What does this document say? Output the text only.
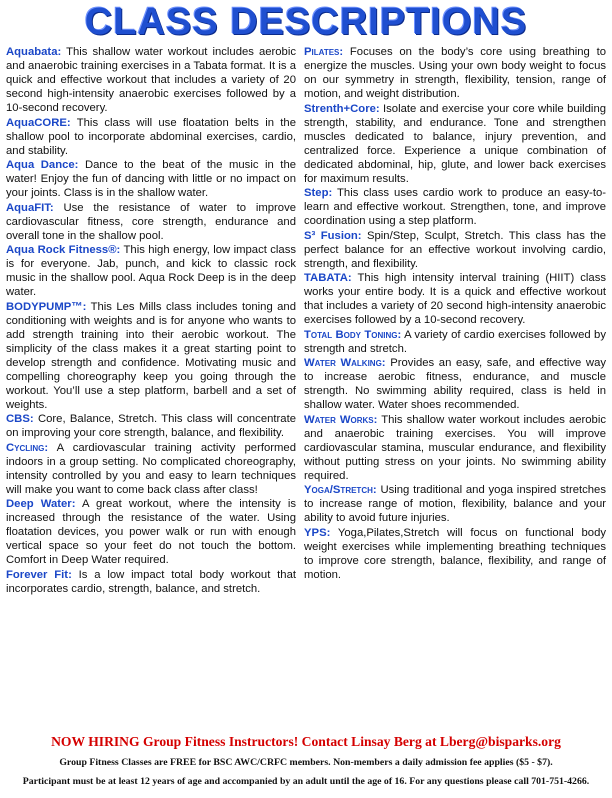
CLASS DESCRIPTIONS
Aquabata: This shallow water workout includes aerobic and anaerobic training exercises in a Tabata format. It is a quick and effective workout that includes a variety of 20 second high-intensity anaerobic exercises followed by a 10-second recovery.
AquaCORE: This class will use floatation belts in the shallow pool to incorporate abdominal exercises, cardio, and stability.
Aqua Dance: Dance to the beat of the music in the water! Enjoy the fun of dancing with little or no impact on your joints. Class is in the shallow water.
AquaFIT: Use the resistance of water to improve cardiovascular fitness, core strength, endurance and overall tone in the shallow pool.
Aqua Rock Fitness®: This high energy, low impact class is for everyone. Jab, punch, and kick to classic rock music in the shallow pool. Aqua Rock Deep is in the deep water.
BODYPUMP™: This Les Mills class includes toning and conditioning with weights and is for anyone who wants to add strength training into their aerobic workout. The simplicity of the class makes it a great starting point to develop strength and confidence. Motivating music and compelling choreography keep you going through the workout. You’ll use a step platform, barbell and a set of weights.
CBS: Core, Balance, Stretch. This class will concentrate on improving your core strength, balance, and flexibility.
Cycling: A cardiovascular training activity performed indoors in a group setting. No complicated choreography, intensity controlled by you and easy to learn techniques will make you want to come back class after class!
Deep Water: A great workout, where the intensity is increased through the resistance of the water. Using floatation devices, you power walk or run with enough vertical space so your feet do not touch the bottom. Comfort in Deep Water required.
Forever Fit: Is a low impact total body workout that incorporates cardio, strength, balance, and stretch.
Pilates: Focuses on the body’s core using breathing to energize the muscles. Using your own body weight to focus on our symmetry in strength, flexibility, tension, range of motion, and weight distribution.
Strenth+Core: Isolate and exercise your core while building strength, stability, and endurance. Tone and strengthen muscles dedicated to balance, injury prevention, and centralized force. Experience a unique combination of dedicated abdominal, hip, glute, and lower back exercises for maximum results.
Step: This class uses cardio work to produce an easy-to-learn and effective workout. Strengthen, tone, and improve coordination using a step platform.
S³ Fusion: Spin/Step, Sculpt, Stretch. This class has the perfect balance for an effective workout involving cardio, strength, and flexibility.
TABATA: This high intensity interval training (HIIT) class works your entire body. It is a quick and effective workout that includes a variety of 20 second high-intensity anaerobic exercises followed by a 10-second recovery.
Total Body Toning: A variety of cardio exercises followed by strength and stretch.
Water Walking: Provides an easy, safe, and effective way to increase aerobic fitness, endurance, and muscle strength. No swimming ability required, class is held in shallow water. Water shoes recommended.
Water Works: This shallow water workout includes aerobic and anaerobic training exercises. You will improve cardiovascular stamina, muscular endurance, and flexibility without putting stress on your joints. No swimming ability required.
Yoga/Stretch: Using traditional and yoga inspired stretches to increase range of motion, flexibility, balance and your ability to avoid future injuries.
YPS: Yoga,Pilates,Stretch will focus on functional body weight exercises while implementing breathing techniques to improve core strength, balance, flexibility, and range of motion.
NOW HIRING Group Fitness Instructors! Contact Linsay Berg at Lberg@bisparks.org
Group Fitness Classes are FREE for BSC AWC/CRFC members. Non-members a daily admission fee applies ($5 - $7).
Participant must be at least 12 years of age and accompanied by an adult until the age of 16. For any questions please call 701-751-4266.
